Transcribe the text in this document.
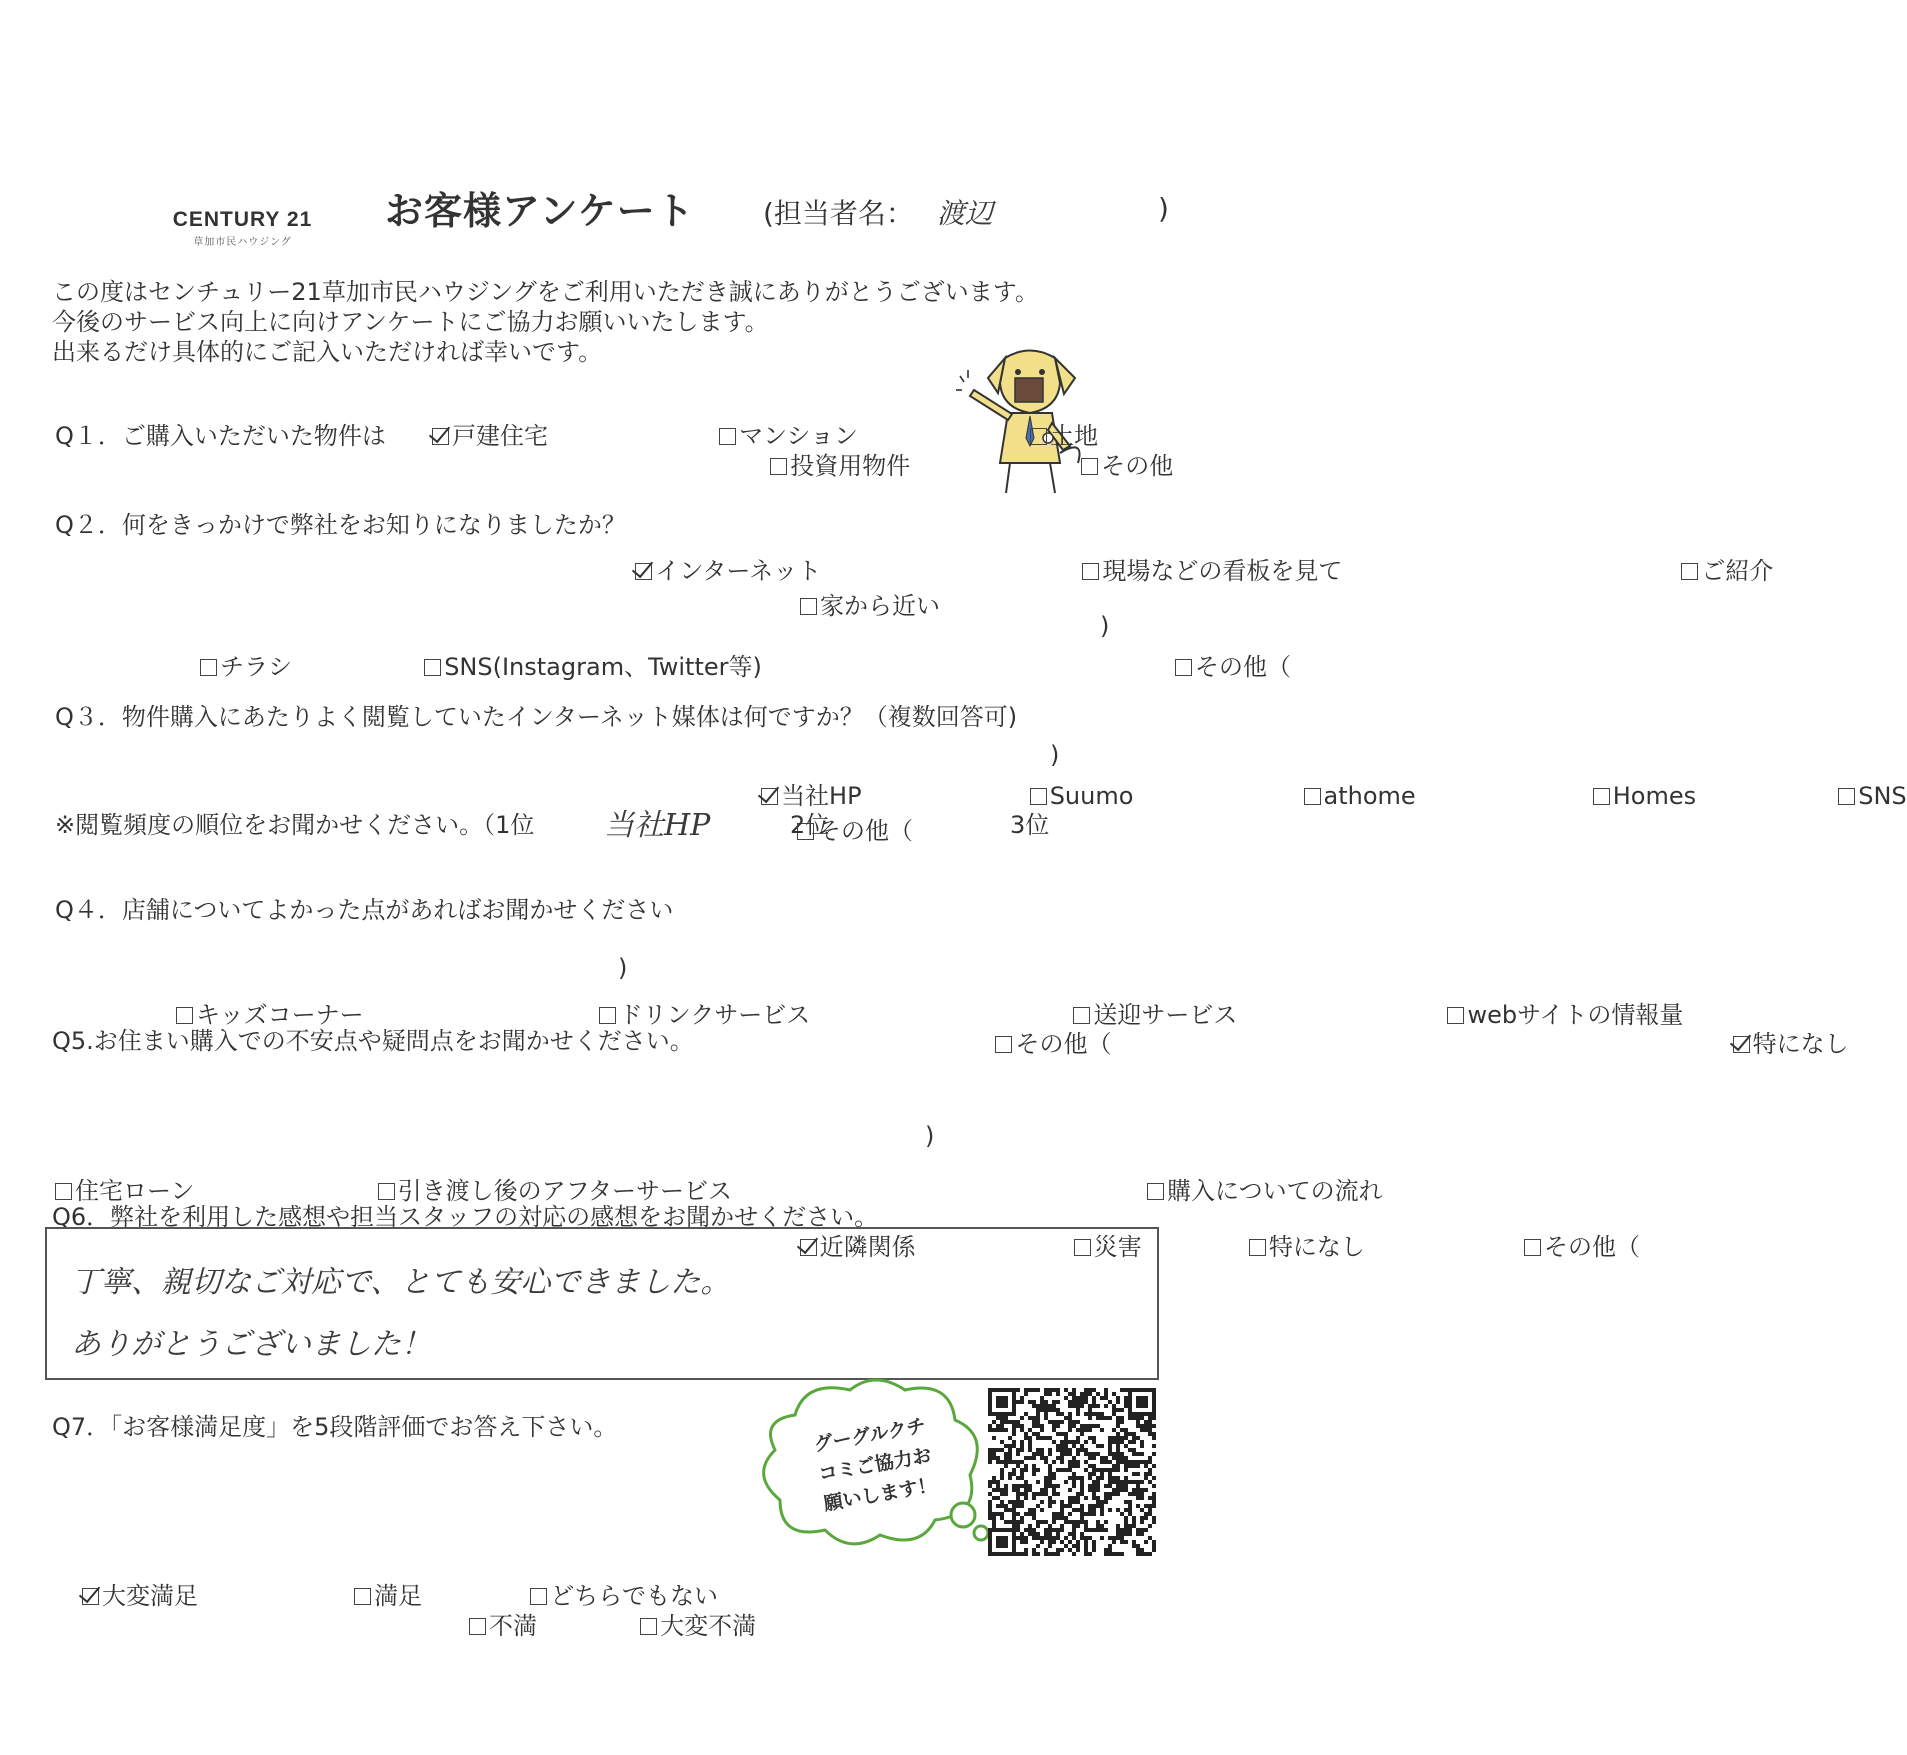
CENTURY 21
草加市民ハウジング
お客様アンケート (担当者名： 渡辺	)
この度はセンチュリー21草加市民ハウジングをご利用いただき誠にありがとうございます。
今後のサービス向上に向けアンケートにご協力お願いいたします。
出来るだけ具体的にご記入いただければ幸いです。
Q１．ご購入いただいた物件は	戸建住宅	マンション	土地 投資用物件	その他
Q２．何をきっかけで弊社をお知りになりましたか？
インターネット	現場などの看板を見て	ご紹介 家から近い チラシ	SNS(Instagram、Twitter等)	その他（
)
Q３．物件購入にあたりよく閲覧していたインターネット媒体は何ですか？（複数回答可)
当社HP	Suumo	athome	Homes	SNS その他（
)
※閲覧頻度の順位をお聞かせください。（1位 当社HP	2位	3位
Q４．店舗についてよかった点があればお聞かせください
キッズコーナー	ドリンクサービス	送迎サービス	webサイトの情報量 その他（
)
特になし
Q5.お住まい購入での不安点や疑問点をお聞かせください。
住宅ローン	引き渡し後のアフターサービス	購入についての流れ 近隣関係	災害	特になし	その他（
)
Q6．弊社を利用した感想や担当スタッフの対応の感想をお聞かせください。
丁寧、親切なご対応で、とても安心できました。
ありがとうございました！
Q7．「お客様満足度」を5段階評価でお答え下さい。
大変満足	満足	どちらでもない 不満	大変不満
グーグルクチ
コミご協力お
願いします！
